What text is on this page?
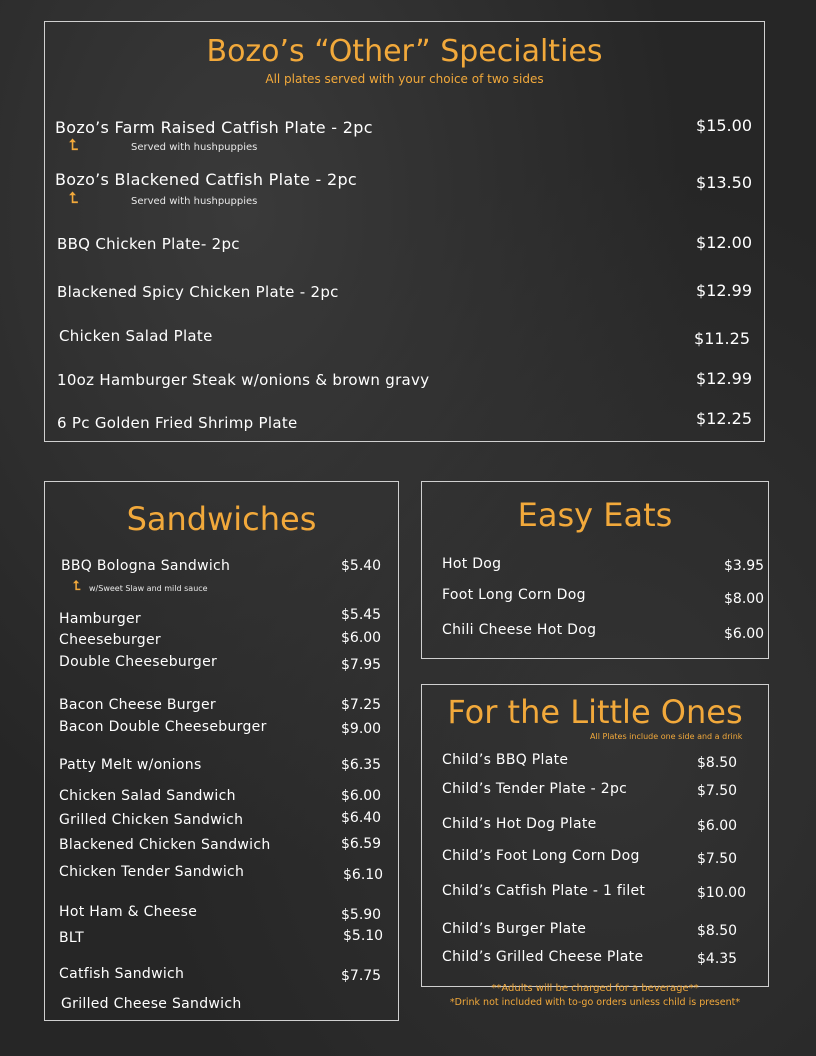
Bozo’s “Other” Specialties
All plates served with your choice of two sides
Bozo’s Farm Raised Catfish Plate - 2pc	$15.00
⮤	Served with hushpuppies
Bozo’s Blackened Catfish Plate - 2pc	$13.50
⮤	Served with hushpuppies
BBQ Chicken Plate- 2pc	$12.00
Blackened Spicy Chicken Plate - 2pc	$12.99
Chicken Salad Plate	$11.25
10oz Hamburger Steak w/onions & brown gravy	$12.99
6 Pc Golden Fried Shrimp Plate	$12.25
Sandwiches
BBQ Bologna Sandwich	$5.40
⮤ w/Sweet Slaw and mild sauce
Hamburger	$5.45
Cheeseburger	$6.00
Double Cheeseburger	$7.95
Bacon Cheese Burger	$7.25
Bacon Double Cheeseburger	$9.00
Patty Melt w/onions	$6.35
Chicken Salad Sandwich	$6.00
Grilled Chicken Sandwich	$6.40
Blackened Chicken Sandwich	$6.59
Chicken Tender Sandwich	$6.10
Hot Ham & Cheese	$5.90
BLT	$5.10
Catfish Sandwich	$7.75
Grilled Cheese Sandwich
Easy Eats
Hot Dog	$3.95
Foot Long Corn Dog	$8.00
Chili Cheese Hot Dog	$6.00
For the Little Ones
All Plates include one side and a drink
Child’s BBQ Plate	$8.50
Child’s Tender Plate - 2pc	$7.50
Child’s Hot Dog Plate	$6.00
Child’s Foot Long Corn Dog	$7.50
Child’s Catfish Plate - 1 filet	$10.00
Child’s Burger Plate	$8.50
Child’s Grilled Cheese Plate	$4.35
**Adults will be charged for a beverage**
*Drink not included with to-go orders unless child is present*
